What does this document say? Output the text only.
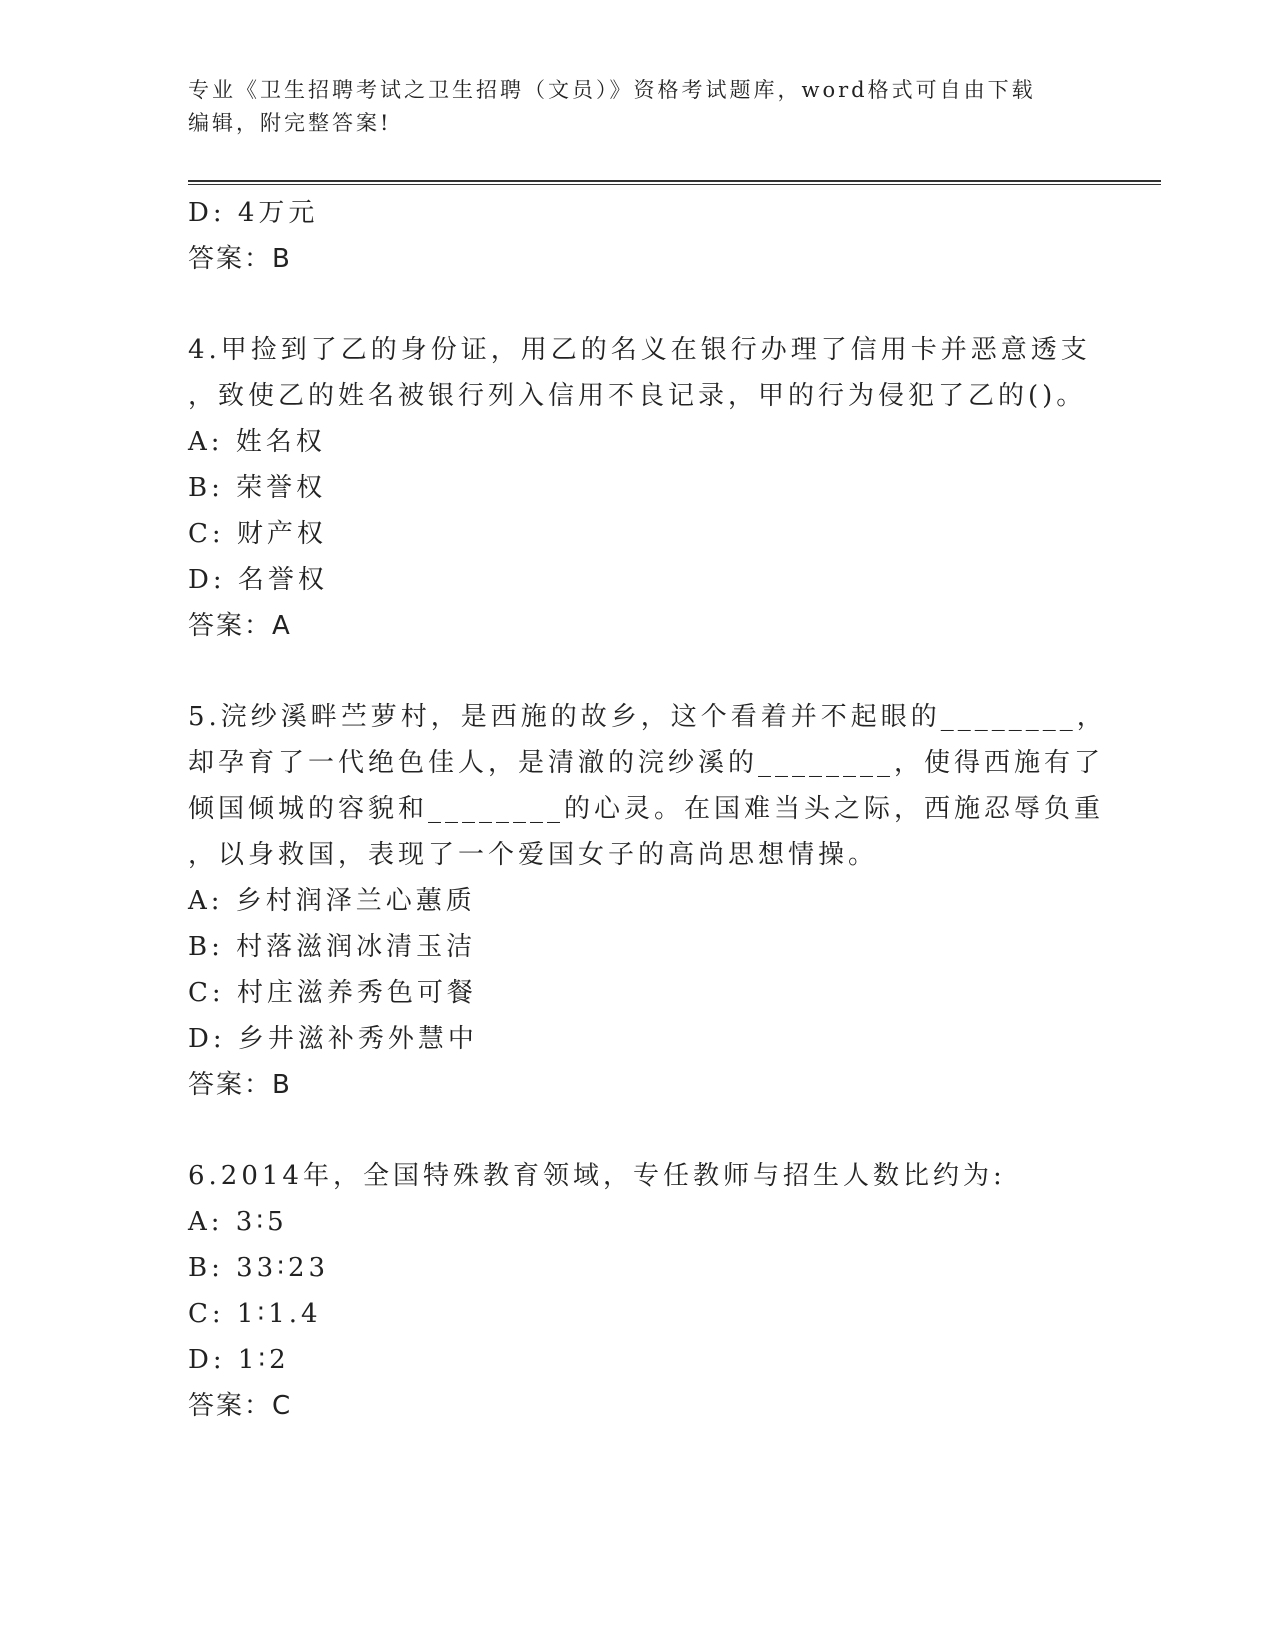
专业《卫生招聘考试之卫生招聘（文员）》资格考试题库，word格式可自由下载
编辑，附完整答案!
D: 4万元
答案：B
4.甲捡到了乙的身份证，用乙的名义在银行办理了信用卡并恶意透支
，致使乙的姓名被银行列入信用不良记录，甲的行为侵犯了乙的()。
A: 姓名权
B: 荣誉权
C: 财产权
D: 名誉权
答案：A
5.浣纱溪畔苎萝村，是西施的故乡，这个看着并不起眼的________，
却孕育了一代绝色佳人，是清澈的浣纱溪的________，使得西施有了
倾国倾城的容貌和________的心灵。在国难当头之际，西施忍辱负重
，以身救国，表现了一个爱国女子的高尚思想情操。
A: 乡村润泽兰心蕙质
B: 村落滋润冰清玉洁
C: 村庄滋养秀色可餐
D: 乡井滋补秀外慧中
答案：B
6.2014年，全国特殊教育领域，专任教师与招生人数比约为:
A: 3∶5
B: 33∶23
C: 1∶1.4
D: 1∶2
答案：C
